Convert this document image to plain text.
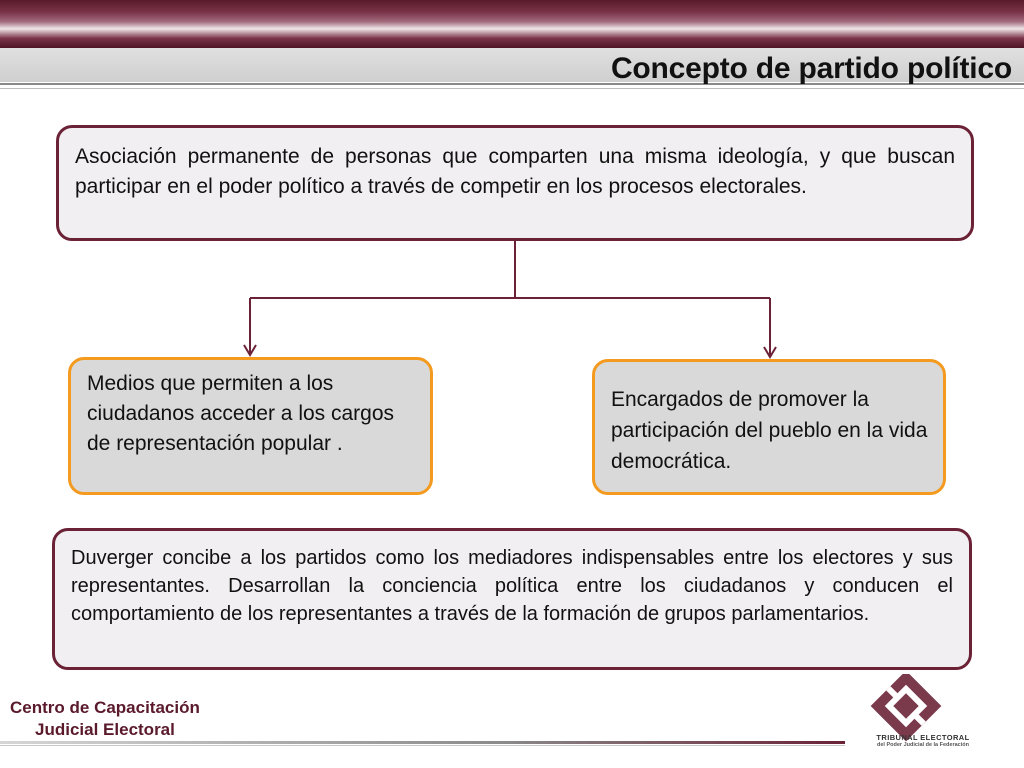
Concepto de partido político
Asociación permanente de personas que comparten una misma ideología, y que buscan participar en el poder político a través de competir en los procesos electorales.
Medios que permiten a los ciudadanos acceder a los cargos de representación popular .
Encargados de promover la participación del pueblo en la vida democrática.
Duverger concibe a los partidos como los mediadores indispensables entre los electores y sus representantes. Desarrollan la conciencia política entre los ciudadanos y conducen el comportamiento de los representantes a través de la formación de grupos parlamentarios.
Centro de Capacitación
Judicial Electoral	TRIBUNAL ELECTORAL
del Poder Judicial de la Federación
